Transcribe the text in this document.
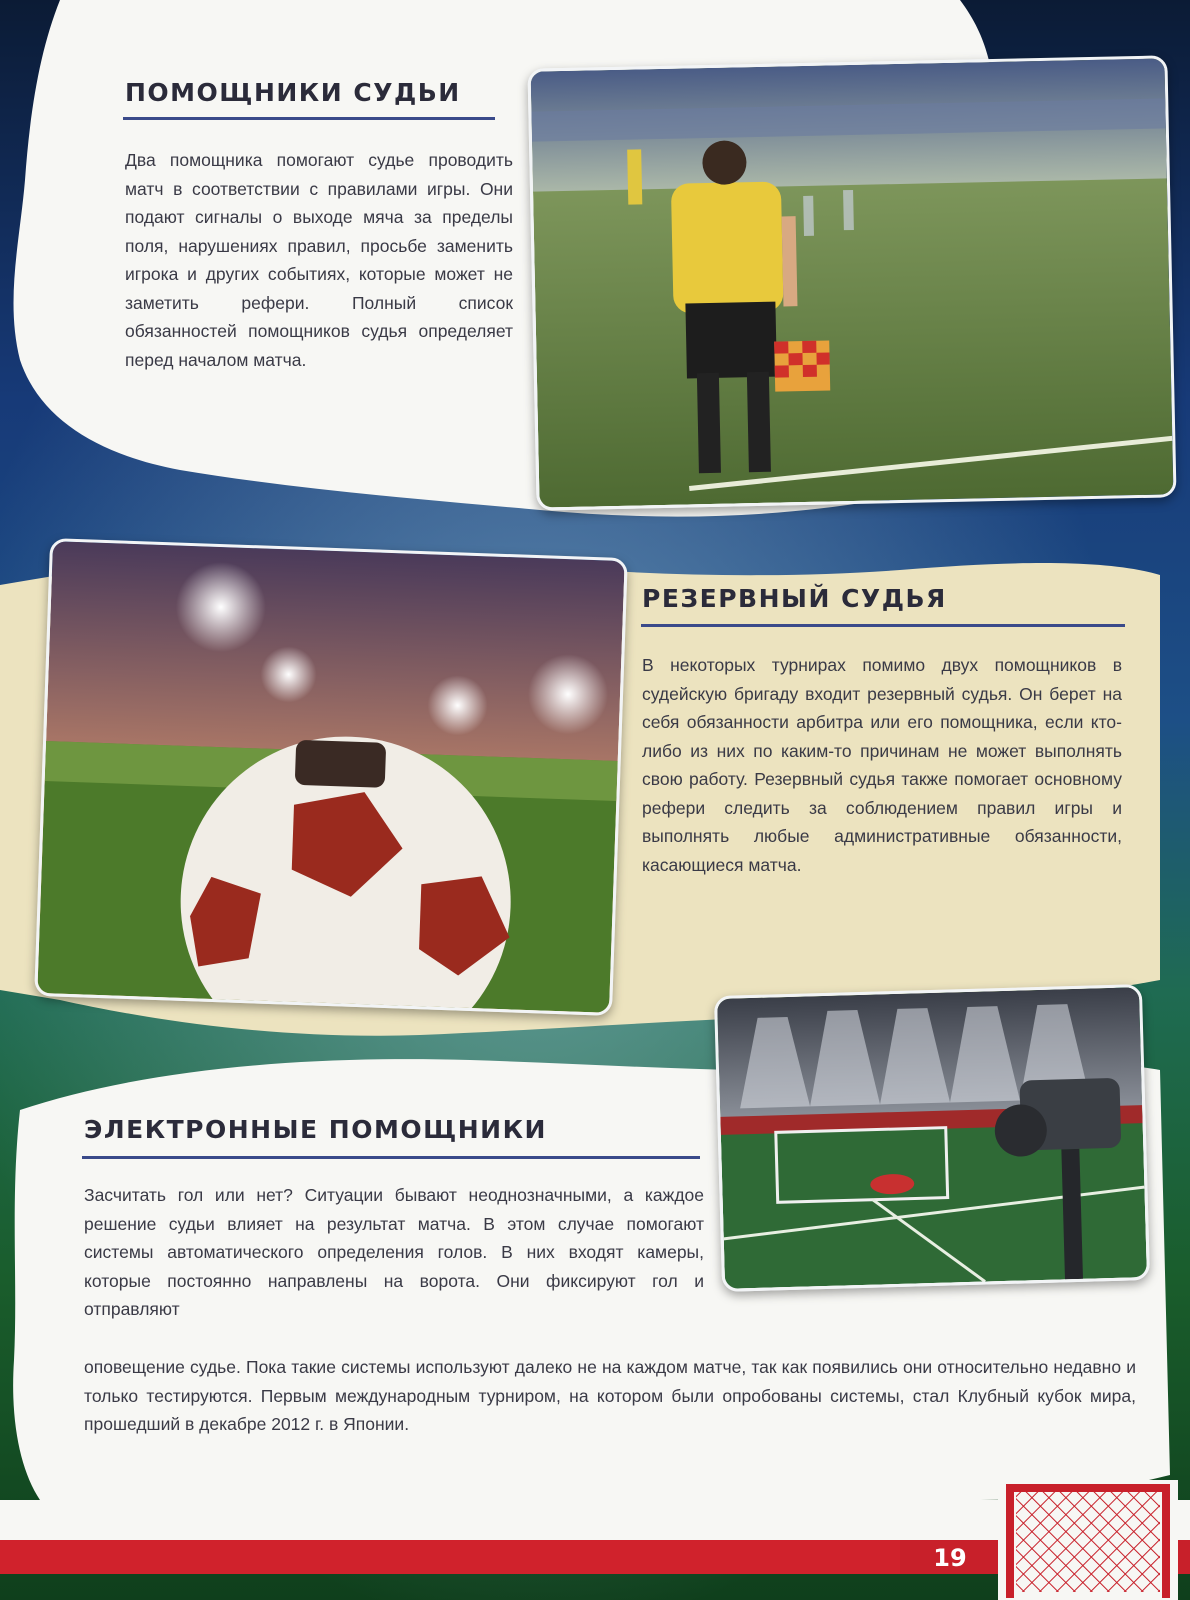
ПОМОЩНИКИ СУДЬИ

Два помощника помогают судье проводить матч в соответствии с правилами игры. Они подают сигналы о выходе мяча за пределы поля, нарушениях правил, просьбе заменить игрока и других событиях, которые может не заметить рефери. Полный список обязанностей помощников судья определяет перед началом матча.

РЕЗЕРВНЫЙ СУДЬЯ

В некоторых турнирах помимо двух помощников в судейскую бригаду входит резервный судья. Он берет на себя обязанности арбитра или его помощника, если кто-либо из них по каким-то причинам не может выполнять свою работу. Резервный судья также помогает основному рефери следить за соблюдением правил игры и выполнять любые административные обязанности, касающиеся матча.

ЭЛЕКТРОННЫЕ ПОМОЩНИКИ

Засчитать гол или нет? Ситуации бывают неоднозначными, а каждое решение судьи влияет на результат матча. В этом случае помогают системы автоматического определения голов. В них входят камеры, которые постоянно направлены на ворота. Они фиксируют гол и отправляют

оповещение судье. Пока такие системы используют далеко не на каждом матче, так как появились они относительно недавно и только тестируются. Первым международным турниром, на котором были опробованы системы, стал Клубный кубок мира, прошедший в декабре 2012 г. в Японии.

19
